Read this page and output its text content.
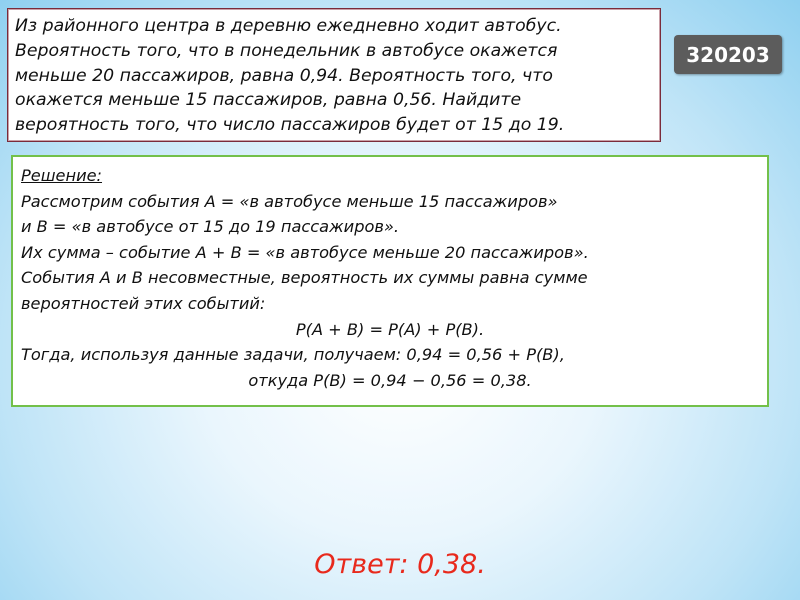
Из районного центра в деревню ежедневно ходит автобус.

Вероятность того, что в понедельник в автобусе окажется

меньше 20 пассажиров, равна 0,94. Вероятность того, что

окажется меньше 15 пассажиров, равна 0,56. Найдите

вероятность того, что число пассажиров будет от 15 до 19.

320203
Решение:
Рассмотрим события А = «в автобусе меньше 15 пассажиров»
и В = «в автобусе от 15 до 19 пассажиров».
Их сумма – событие A + B = «в автобусе меньше 20 пассажиров».
События А и В несовместные, вероятность их суммы равна сумме
вероятностей этих событий:
P(A + B) = P(A) + P(B).
Тогда, используя данные задачи, получаем: 0,94 = 0,56 + P(В),
откуда P(В) = 0,94 − 0,56 = 0,38.
Ответ: 0,38.
